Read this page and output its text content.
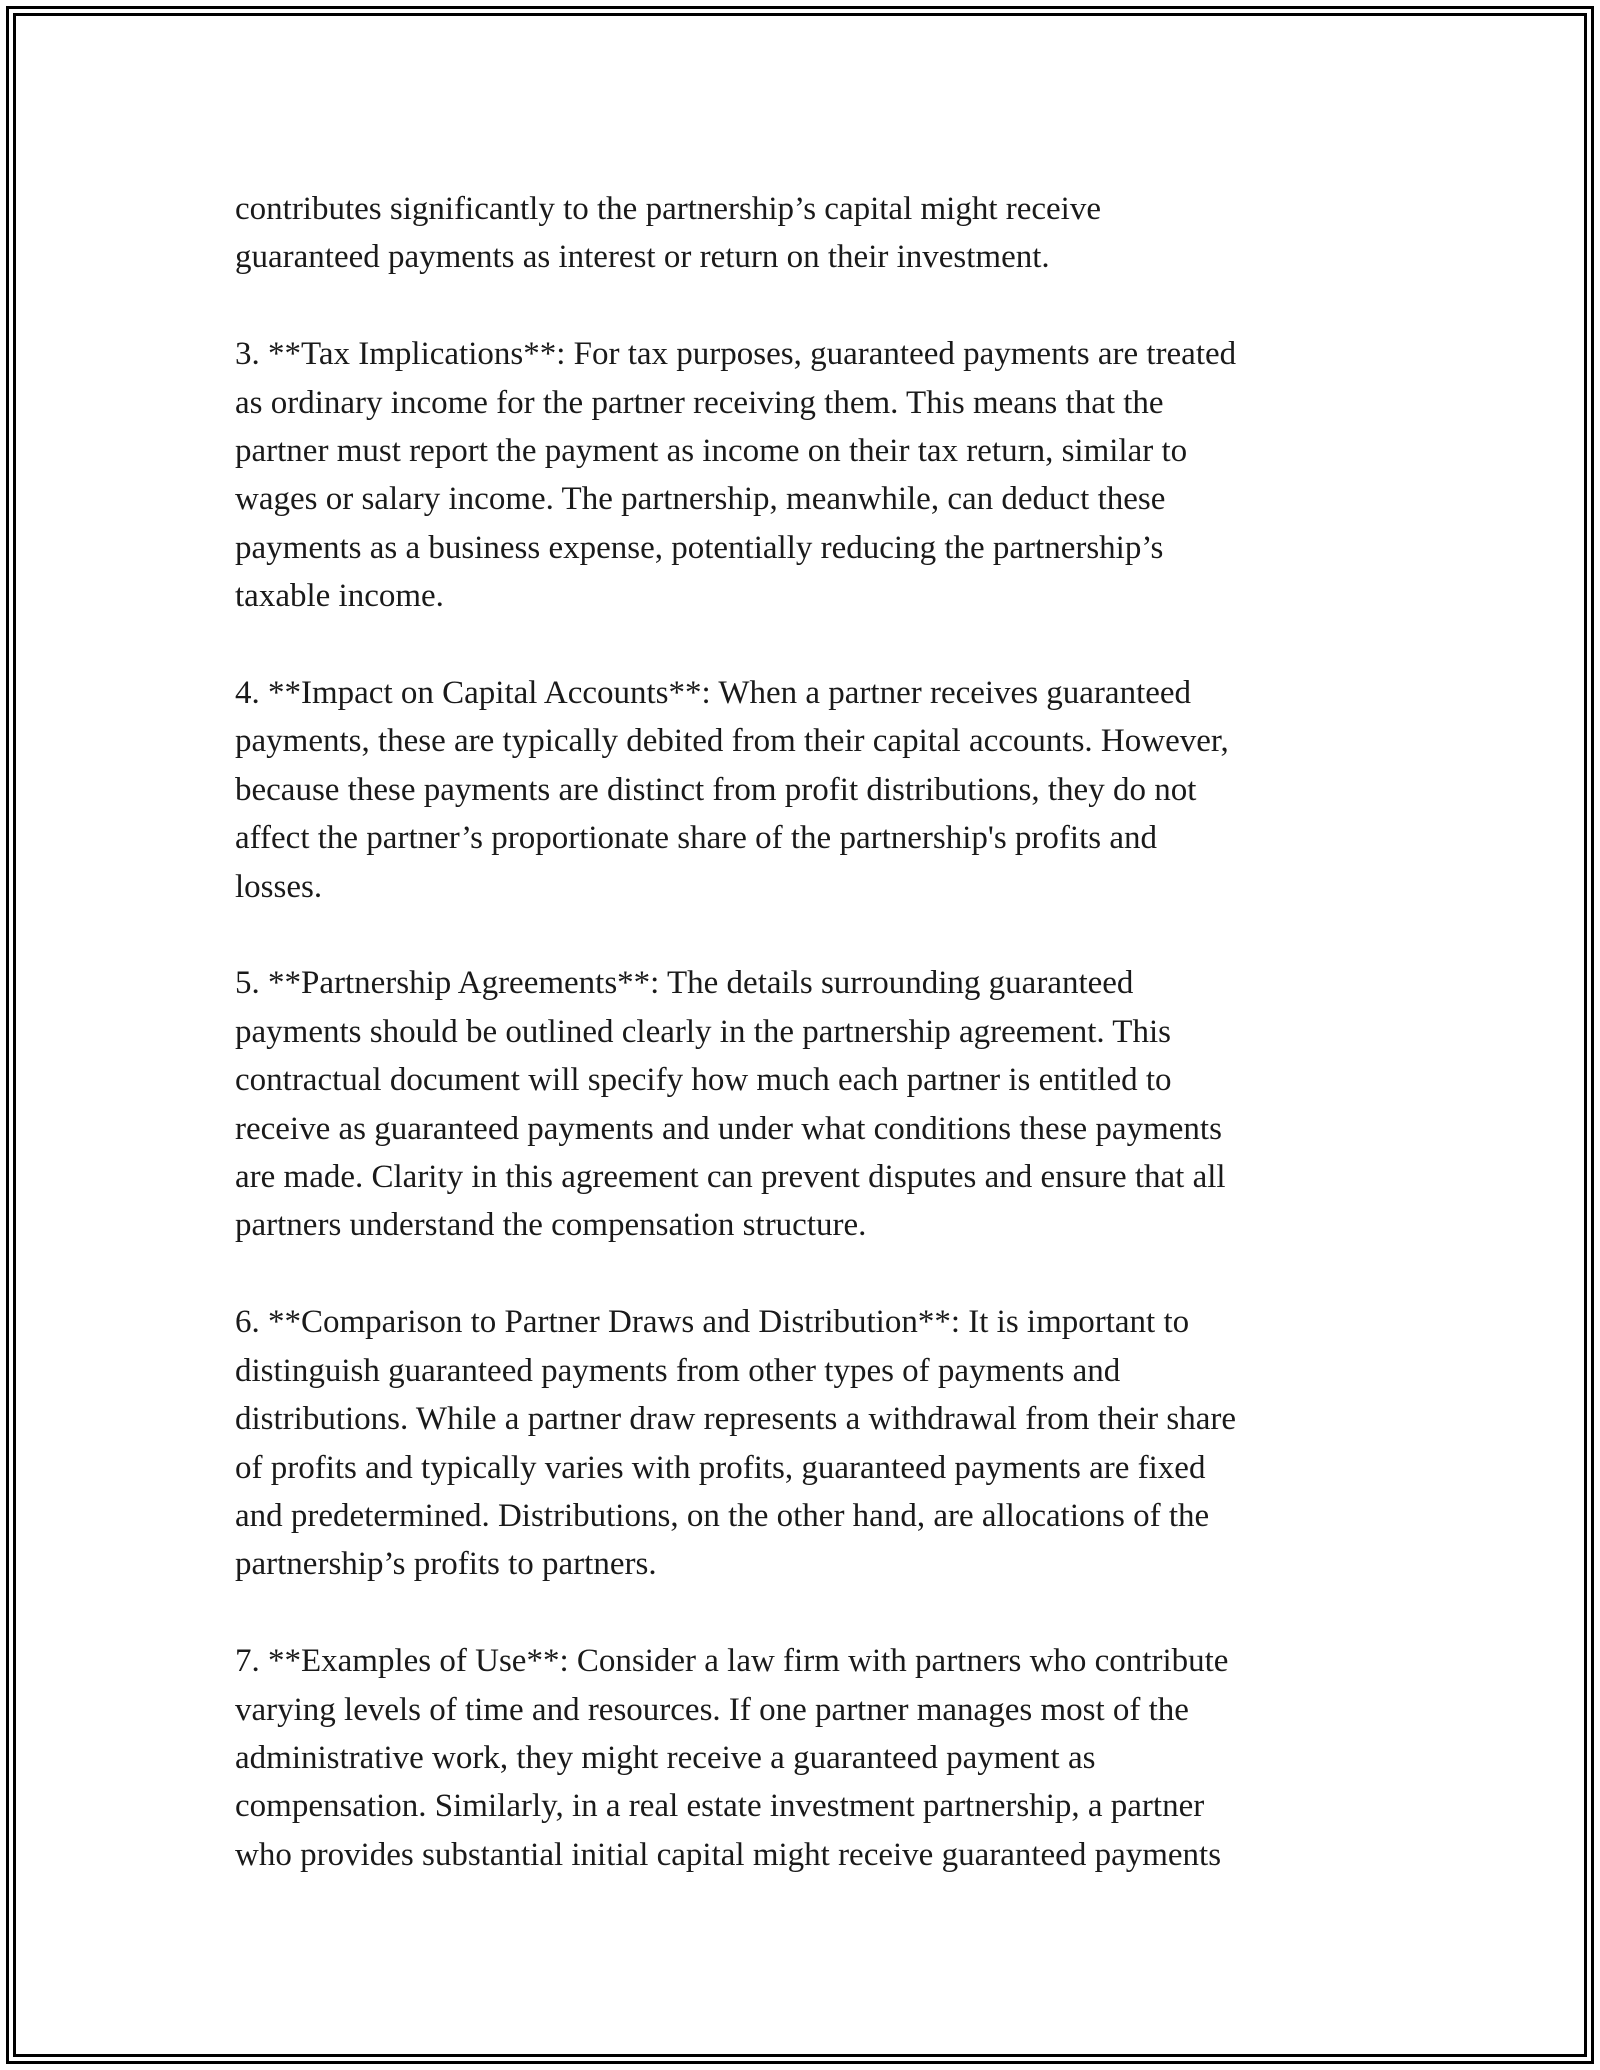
contributes significantly to the partnership’s capital might receive
guaranteed payments as interest or return on their investment.

3. **Tax Implications**: For tax purposes, guaranteed payments are treated
as ordinary income for the partner receiving them. This means that the
partner must report the payment as income on their tax return, similar to
wages or salary income. The partnership, meanwhile, can deduct these
payments as a business expense, potentially reducing the partnership’s
taxable income.

4. **Impact on Capital Accounts**: When a partner receives guaranteed
payments, these are typically debited from their capital accounts. However,
because these payments are distinct from profit distributions, they do not
affect the partner’s proportionate share of the partnership's profits and
losses.

5. **Partnership Agreements**: The details surrounding guaranteed
payments should be outlined clearly in the partnership agreement. This
contractual document will specify how much each partner is entitled to
receive as guaranteed payments and under what conditions these payments
are made. Clarity in this agreement can prevent disputes and ensure that all
partners understand the compensation structure.

6. **Comparison to Partner Draws and Distribution**: It is important to
distinguish guaranteed payments from other types of payments and
distributions. While a partner draw represents a withdrawal from their share
of profits and typically varies with profits, guaranteed payments are fixed
and predetermined. Distributions, on the other hand, are allocations of the
partnership’s profits to partners.

7. **Examples of Use**: Consider a law firm with partners who contribute
varying levels of time and resources. If one partner manages most of the
administrative work, they might receive a guaranteed payment as
compensation. Similarly, in a real estate investment partnership, a partner
who provides substantial initial capital might receive guaranteed payments
